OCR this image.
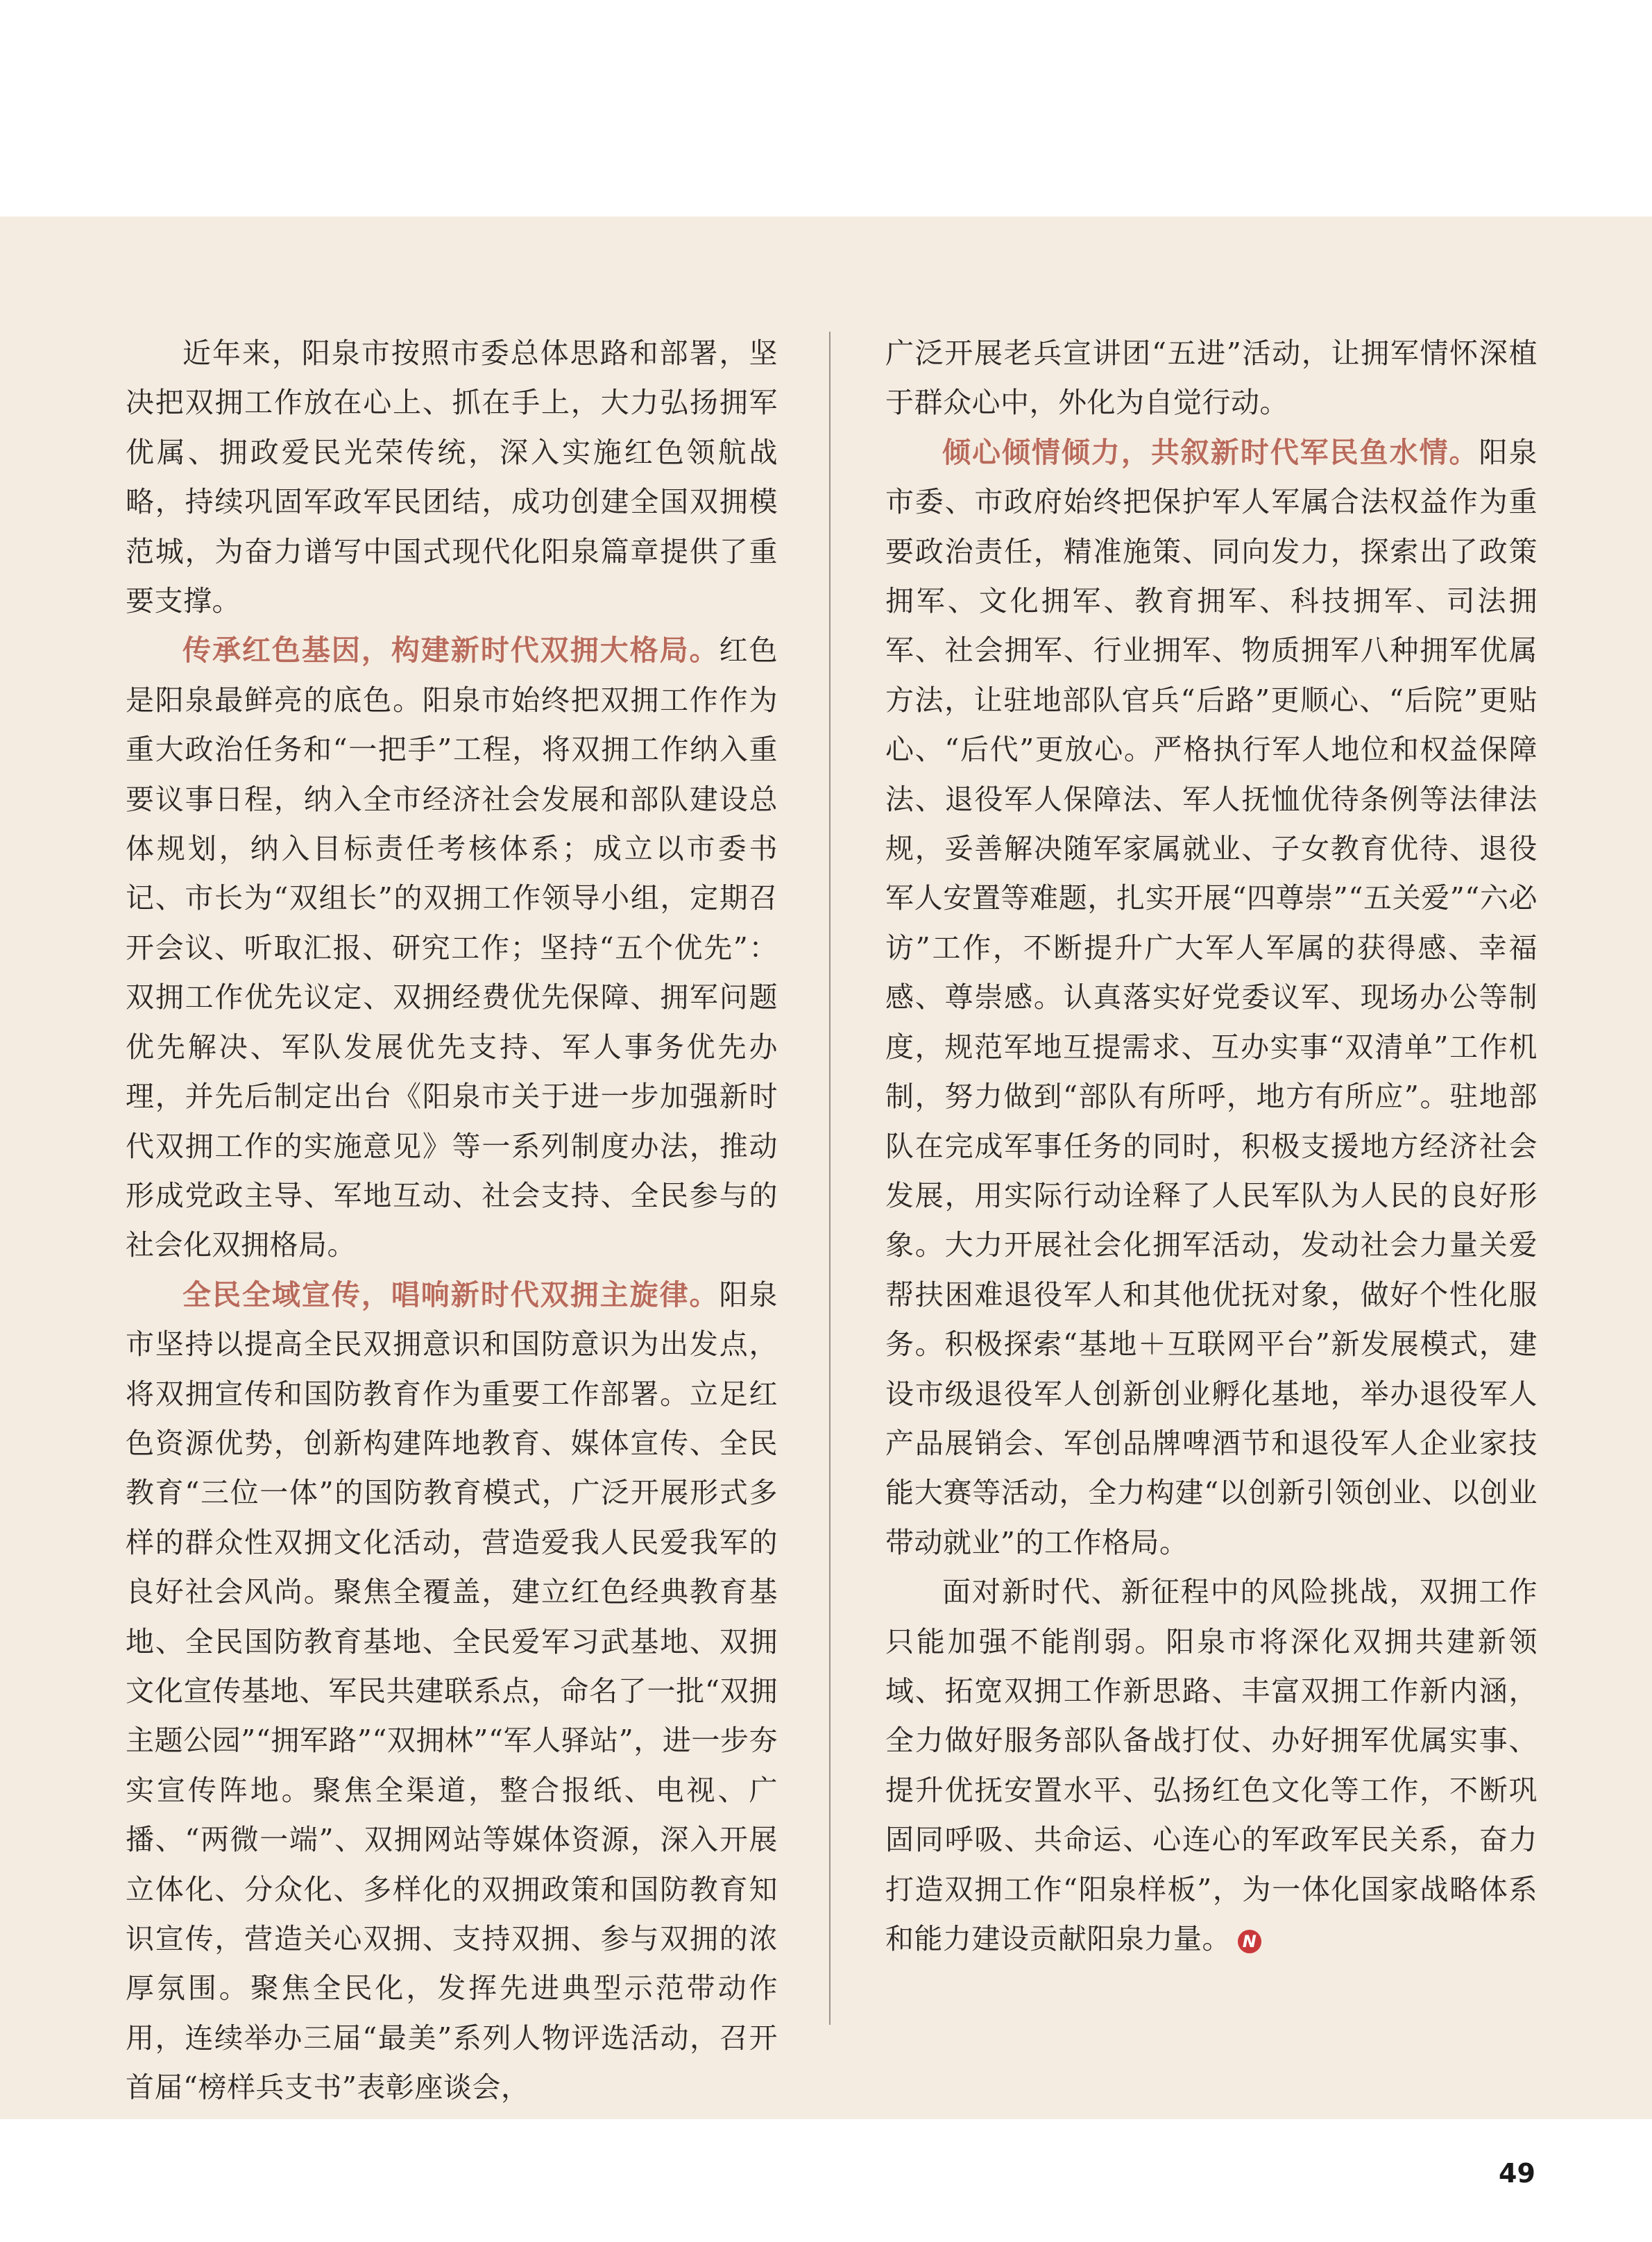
近年来，阳泉市按照市委总体思路和部署，坚决把双拥工作放在心上、抓在手上，大力弘扬拥军优属、拥政爱民光荣传统，深入实施红色领航战略，持续巩固军政军民团结，成功创建全国双拥模范城，为奋力谱写中国式现代化阳泉篇章提供了重要支撑。

传承红色基因，构建新时代双拥大格局。红色是阳泉最鲜亮的底色。阳泉市始终把双拥工作作为重大政治任务和“一把手”工程，将双拥工作纳入重要议事日程，纳入全市经济社会发展和部队建设总体规划，纳入目标责任考核体系；成立以市委书记、市长为“双组长”的双拥工作领导小组，定期召开会议、听取汇报、研究工作；坚持“五个优先”：双拥工作优先议定、双拥经费优先保障、拥军问题优先解决、军队发展优先支持、军人事务优先办理，并先后制定出台《阳泉市关于进一步加强新时代双拥工作的实施意见》等一系列制度办法，推动形成党政主导、军地互动、社会支持、全民参与的社会化双拥格局。

全民全域宣传，唱响新时代双拥主旋律。阳泉市坚持以提高全民双拥意识和国防意识为出发点，将双拥宣传和国防教育作为重要工作部署。立足红色资源优势，创新构建阵地教育、媒体宣传、全民教育“三位一体”的国防教育模式，广泛开展形式多样的群众性双拥文化活动，营造爱我人民爱我军的良好社会风尚。聚焦全覆盖，建立红色经典教育基地、全民国防教育基地、全民爱军习武基地、双拥文化宣传基地、军民共建联系点，命名了一批“双拥主题公园”“拥军路”“双拥林”“军人驿站”，进一步夯实宣传阵地。聚焦全渠道，整合报纸、电视、广播、“两微一端”、双拥网站等媒体资源，深入开展立体化、分众化、多样化的双拥政策和国防教育知识宣传，营造关心双拥、支持双拥、参与双拥的浓厚氛围。聚焦全民化，发挥先进典型示范带动作用，连续举办三届“最美”系列人物评选活动，召开首届“榜样兵支书”表彰座谈会，

广泛开展老兵宣讲团“五进”活动，让拥军情怀深植于群众心中，外化为自觉行动。

倾心倾情倾力，共叙新时代军民鱼水情。阳泉市委、市政府始终把保护军人军属合法权益作为重要政治责任，精准施策、同向发力，探索出了政策拥军、文化拥军、教育拥军、科技拥军、司法拥军、社会拥军、行业拥军、物质拥军八种拥军优属方法，让驻地部队官兵“后路”更顺心、“后院”更贴心、“后代”更放心。严格执行军人地位和权益保障法、退役军人保障法、军人抚恤优待条例等法律法规，妥善解决随军家属就业、子女教育优待、退役军人安置等难题，扎实开展“四尊崇”“五关爱”“六必访”工作，不断提升广大军人军属的获得感、幸福感、尊崇感。认真落实好党委议军、现场办公等制度，规范军地互提需求、互办实事“双清单”工作机制，努力做到“部队有所呼，地方有所应”。驻地部队在完成军事任务的同时，积极支援地方经济社会发展，用实际行动诠释了人民军队为人民的良好形象。大力开展社会化拥军活动，发动社会力量关爱帮扶困难退役军人和其他优抚对象，做好个性化服务。积极探索“基地＋互联网平台”新发展模式，建设市级退役军人创新创业孵化基地，举办退役军人产品展销会、军创品牌啤酒节和退役军人企业家技能大赛等活动，全力构建“以创新引领创业、以创业带动就业”的工作格局。

面对新时代、新征程中的风险挑战，双拥工作只能加强不能削弱。阳泉市将深化双拥共建新领域、拓宽双拥工作新思路、丰富双拥工作新内涵，全力做好服务部队备战打仗、办好拥军优属实事、提升优抚安置水平、弘扬红色文化等工作，不断巩固同呼吸、共命运、心连心的军政军民关系，奋力打造双拥工作“阳泉样板”，为一体化国家战略体系和能力建设贡献阳泉力量。 N

49
